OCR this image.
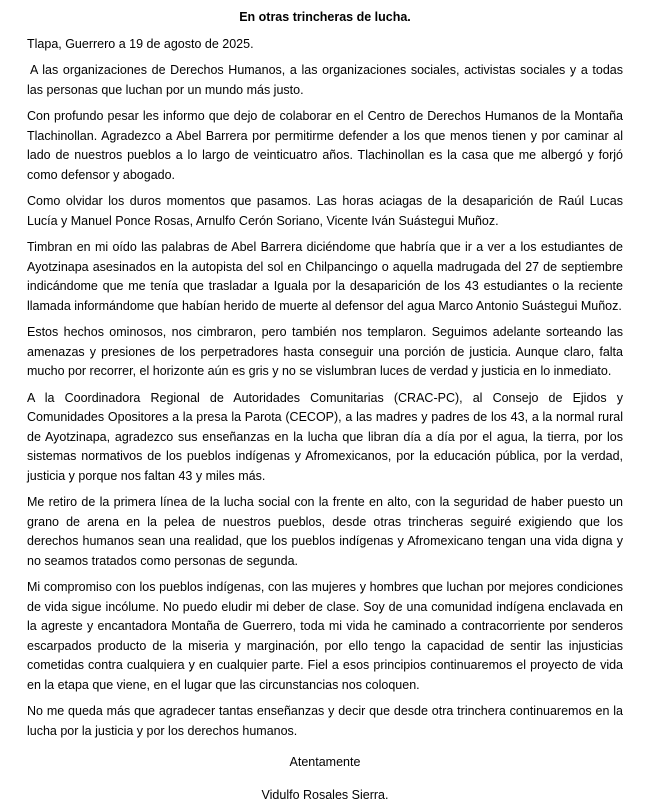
En otras trincheras de lucha.

Tlapa, Guerrero a 19 de agosto de 2025.

A las organizaciones de Derechos Humanos, a las organizaciones sociales, activistas sociales y a todas las personas que luchan por un mundo más justo.

Con profundo pesar les informo que dejo de colaborar en el Centro de Derechos Humanos de la Montaña Tlachinollan. Agradezco a Abel Barrera por permitirme defender a los que menos tienen y por caminar al lado de nuestros pueblos a lo largo de veinticuatro años. Tlachinollan es la casa que me albergó y forjó como defensor y abogado.

Como olvidar los duros momentos que pasamos. Las horas aciagas de la desaparición de Raúl Lucas Lucía y Manuel Ponce Rosas, Arnulfo Cerón Soriano, Vicente Iván Suástegui Muñoz.

Timbran en mi oído las palabras de Abel Barrera diciéndome que habría que ir a ver a los estudiantes de Ayotzinapa asesinados en la autopista del sol en Chilpancingo o aquella madrugada del 27 de septiembre indicándome que me tenía que trasladar a Iguala por la desaparición de los 43 estudiantes o la reciente llamada informándome que habían herido de muerte al defensor del agua Marco Antonio Suástegui Muñoz.

Estos hechos ominosos, nos cimbraron, pero también nos templaron. Seguimos adelante sorteando las amenazas y presiones de los perpetradores hasta conseguir una porción de justicia. Aunque claro, falta mucho por recorrer, el horizonte aún es gris y no se vislumbran luces de verdad y justicia en lo inmediato.

A la Coordinadora Regional de Autoridades Comunitarias (CRAC-PC), al Consejo de Ejidos y Comunidades Opositores a la presa la Parota (CECOP), a las madres y padres de los 43, a la normal rural de Ayotzinapa, agradezco sus enseñanzas en la lucha que libran día a día por el agua, la tierra, por los sistemas normativos de los pueblos indígenas y Afromexicanos, por la educación pública, por la verdad, justicia y porque nos faltan 43 y miles más.

Me retiro de la primera línea de la lucha social con la frente en alto, con la seguridad de haber puesto un grano de arena en la pelea de nuestros pueblos, desde otras trincheras seguiré exigiendo que los derechos humanos sean una realidad, que los pueblos indígenas y Afromexicano tengan una vida digna y no seamos tratados como personas de segunda.

Mi compromiso con los pueblos indígenas, con las mujeres y hombres que luchan por mejores condiciones de vida sigue incólume. No puedo eludir mi deber de clase. Soy de una comunidad indígena enclavada en la agreste y encantadora Montaña de Guerrero, toda mi vida he caminado a contracorriente por senderos escarpados producto de la miseria y marginación, por ello tengo la capacidad de sentir las injusticias cometidas contra cualquiera y en cualquier parte. Fiel a esos principios continuaremos el proyecto de vida en la etapa que viene, en el lugar que las circunstancias nos coloquen.

No me queda más que agradecer tantas enseñanzas y decir que desde otra trinchera continuaremos en la lucha por la justicia y por los derechos humanos.

Atentamente

Vidulfo Rosales Sierra.
